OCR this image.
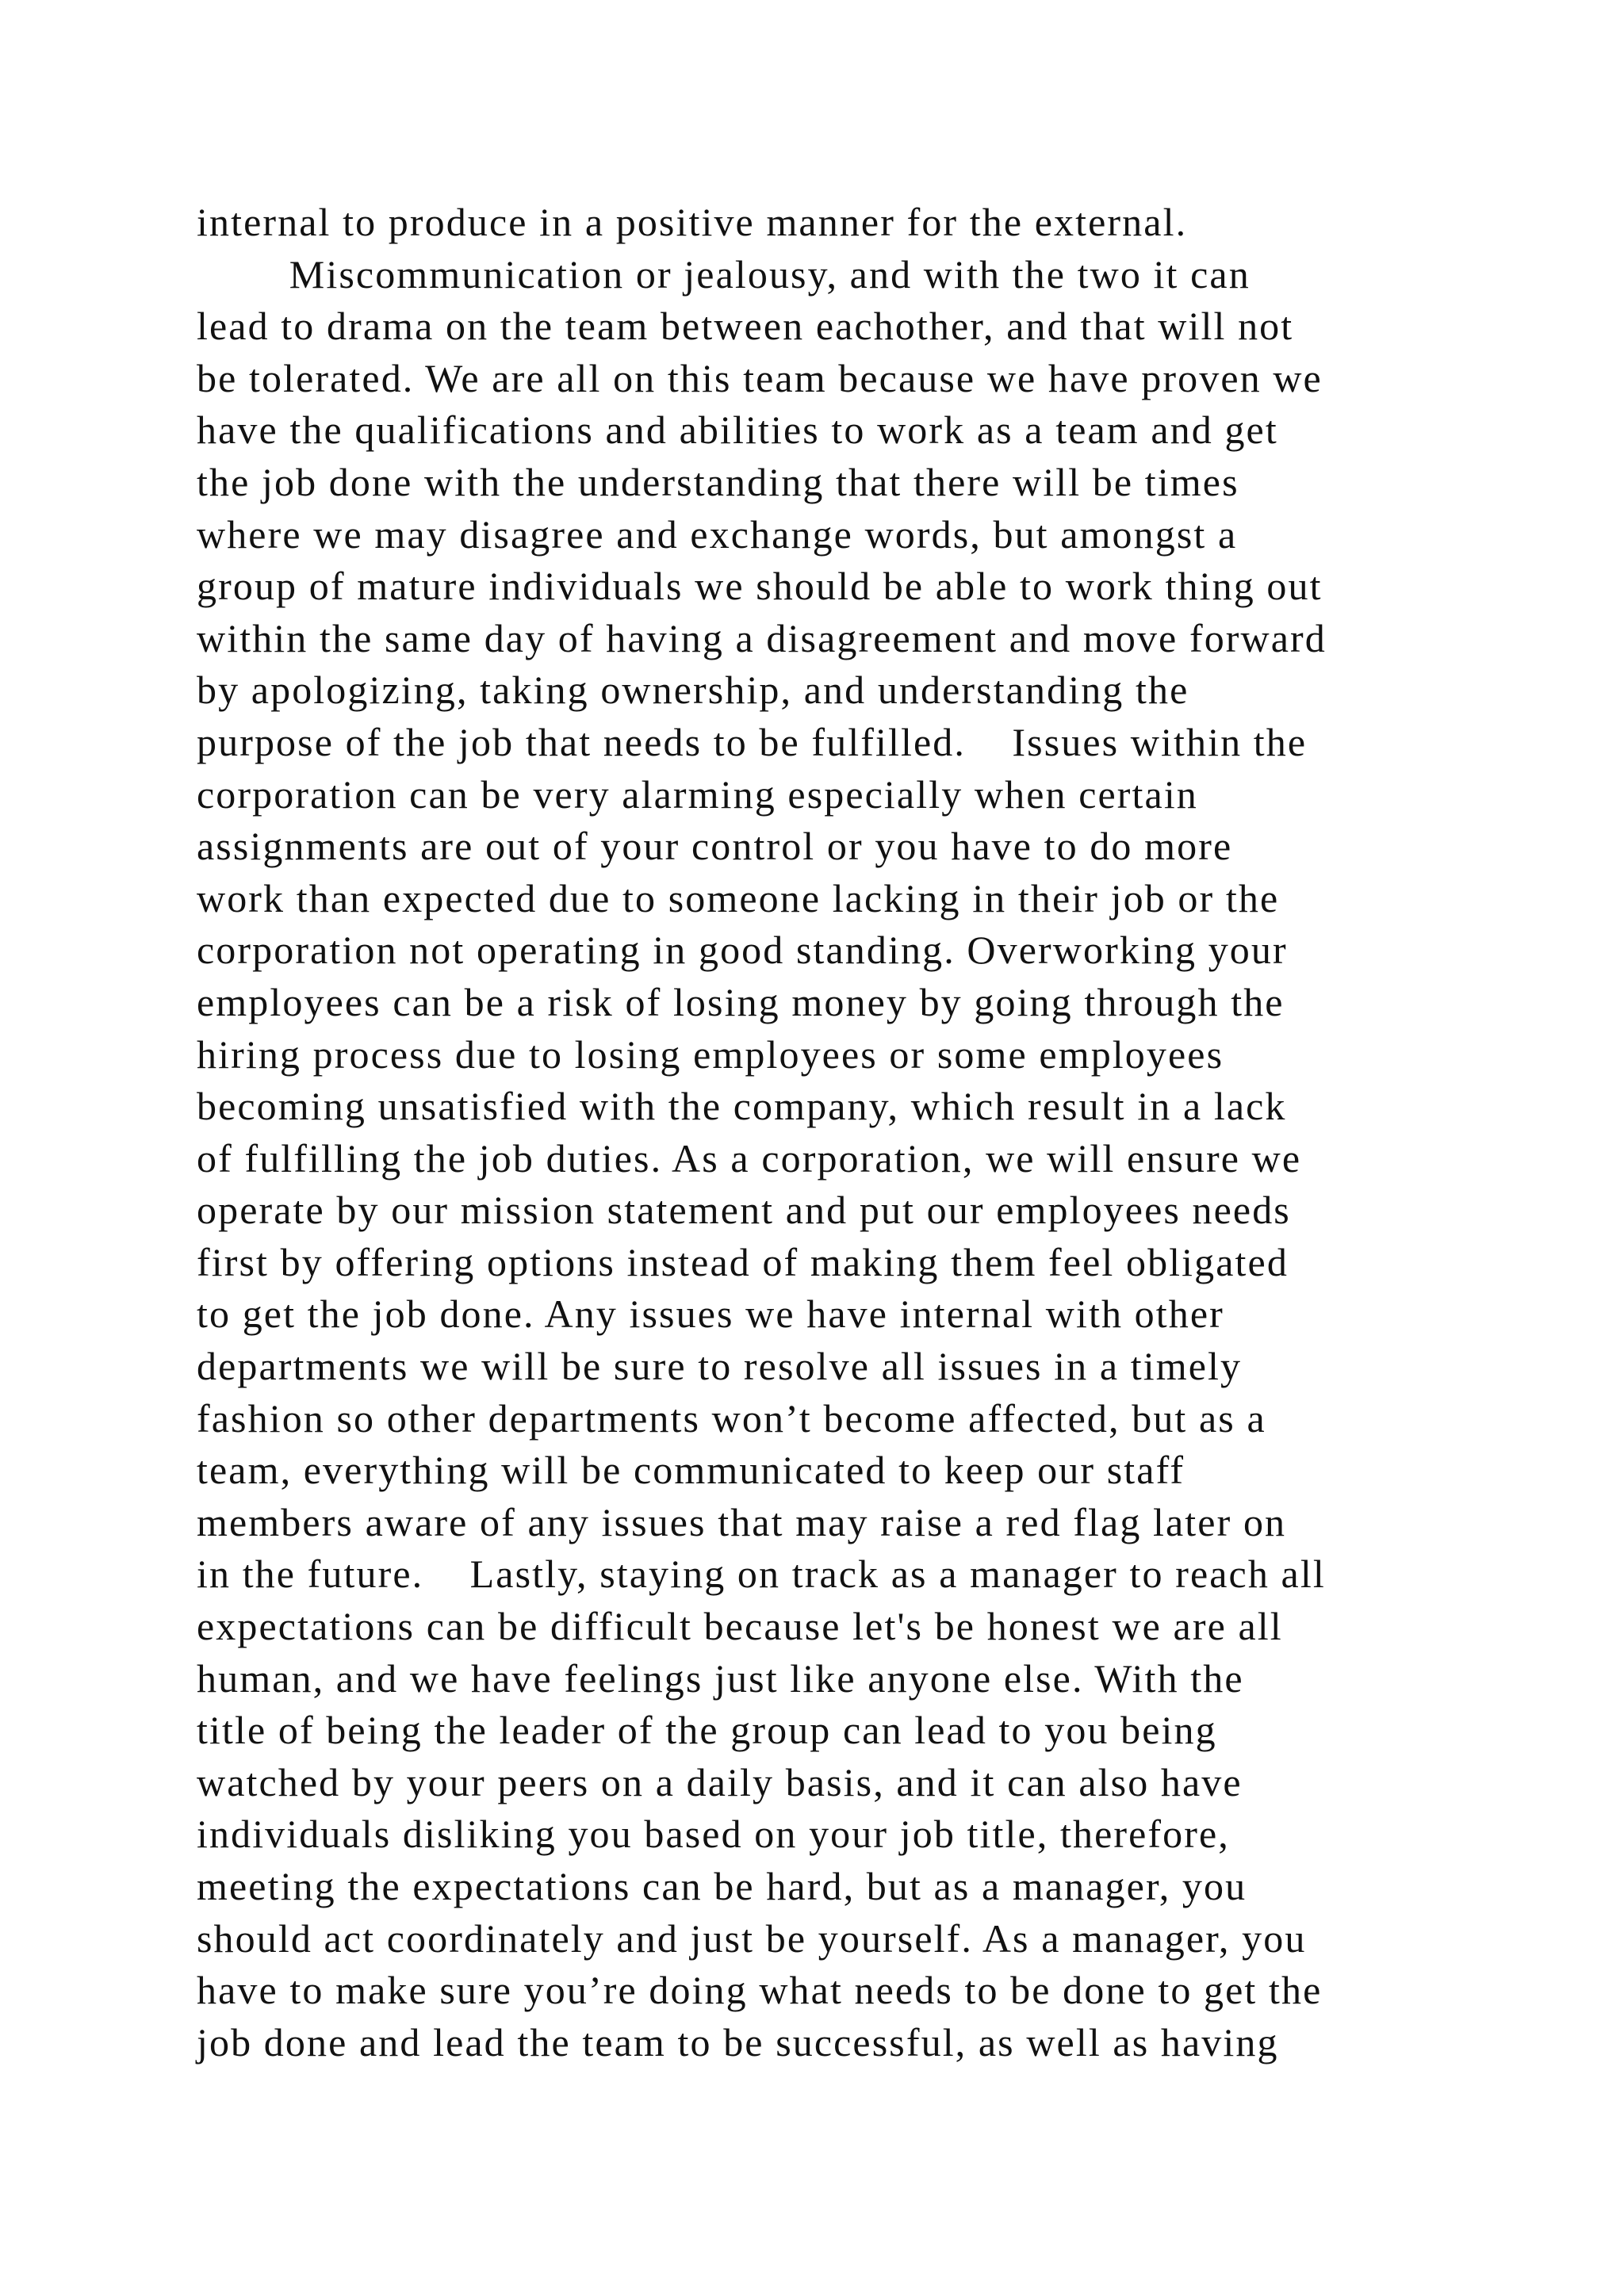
internal to produce in a positive manner for the external.
Miscommunication or jealousy, and with the two it can
lead to drama on the team between eachother, and that will not
be tolerated. We are all on this team because we have proven we
have the qualifications and abilities to work as a team and get
the job done with the understanding that there will be times
where we may disagree and exchange words, but amongst a
group of mature individuals we should be able to work thing out
within the same day of having a disagreement and move forward
by apologizing, taking ownership, and understanding the
purpose of the job that needs to be fulfilled.    Issues within the
corporation can be very alarming especially when certain
assignments are out of your control or you have to do more
work than expected due to someone lacking in their job or the
corporation not operating in good standing. Overworking your
employees can be a risk of losing money by going through the
hiring process due to losing employees or some employees
becoming unsatisfied with the company, which result in a lack
of fulfilling the job duties. As a corporation, we will ensure we
operate by our mission statement and put our employees needs
first by offering options instead of making them feel obligated
to get the job done. Any issues we have internal with other
departments we will be sure to resolve all issues in a timely
fashion so other departments won’t become affected, but as a
team, everything will be communicated to keep our staff
members aware of any issues that may raise a red flag later on
in the future.    Lastly, staying on track as a manager to reach all
expectations can be difficult because let's be honest we are all
human, and we have feelings just like anyone else. With the
title of being the leader of the group can lead to you being
watched by your peers on a daily basis, and it can also have
individuals disliking you based on your job title, therefore,
meeting the expectations can be hard, but as a manager, you
should act coordinately and just be yourself. As a manager, you
have to make sure you’re doing what needs to be done to get the
job done and lead the team to be successful, as well as having
